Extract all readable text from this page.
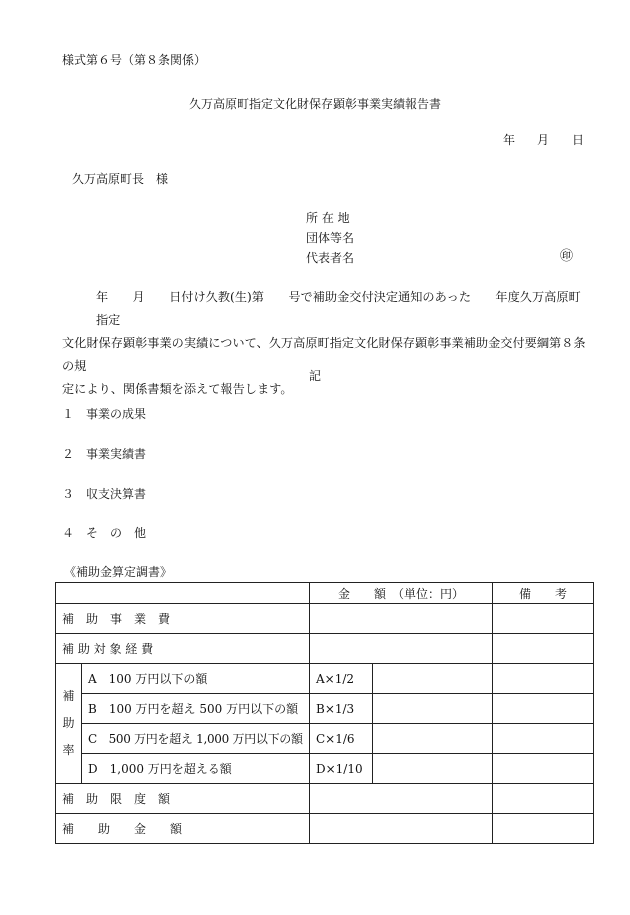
様式第６号（第８条関係）
久万高原町指定文化財保存顕彰事業実績報告書
年 月 日
久万高原町長　様
所 在 地
団体等名
代表者名	㊞
年　　月　　日付け久教(生)第　　号で補助金交付決定通知のあった　　年度久万高原町指定
文化財保存顕彰事業の実績について、久万高原町指定文化財保存顕彰事業補助金交付要綱第８条の規
定により、関係書類を添えて報告します。
記
１　 事業の成果
２　 事業実績書
３　 収支決算書
４　 そ　の　他
《補助金算定調書》
		金　　額　（単位：円）		備　　考
補　助　事　業　費				
補 助 対 象 経 費				

補
助
率	A　100 万円以下の額	A×1/2		
	B　100 万円を超え 500 万円以下の額	B×1/3		
	C　500 万円を超え 1,000 万円以下の額	C×1/6		
	D　1,000 万円を超える額	D×1/10		
補　助　限　度　額				
補　　助　　金　　額				
